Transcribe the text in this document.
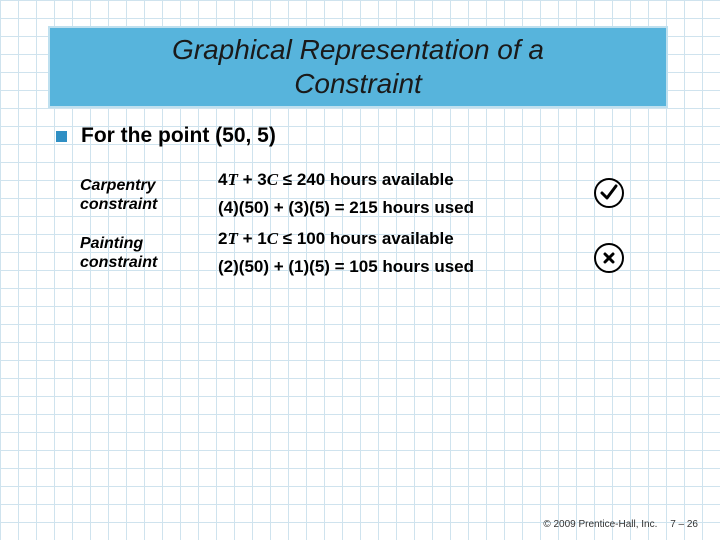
Graphical Representation of a Constraint
For the point (50, 5)
Carpentry constraint
4T + 3C ≤ 240 hours available
(4)(50) + (3)(5) = 215 hours used
Painting constraint
2T + 1C ≤ 100 hours available
(2)(50) + (1)(5) = 105 hours used
© 2009 Prentice-Hall, Inc. 7 – 26
